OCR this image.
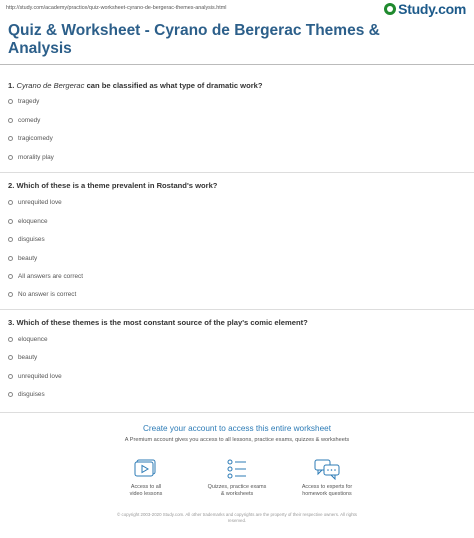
http://study.com/academy/practice/quiz-worksheet-cyrano-de-bergerac-themes-analysis.html	Study.com
Quiz & Worksheet - Cyrano de Bergerac Themes & Analysis
1. Cyrano de Bergerac can be classified as what type of dramatic work?
tragedy
comedy
tragicomedy
morality play
2. Which of these is a theme prevalent in Rostand's work?
unrequited love
eloquence
disguises
beauty
All answers are correct
No answer is correct
3. Which of these themes is the most constant source of the play's comic element?
eloquence
beauty
unrequited love
disguises
Create your account to access this entire worksheet
A Premium account gives you access to all lessons, practice exams, quizzes & worksheets
Access to all
video lessons
Quizzes, practice exams
& worksheets
Access to experts for
homework questions
© copyright 2003-2020 Study.com. All other trademarks and copyrights are the property of their respective owners. All rights
reserved.
